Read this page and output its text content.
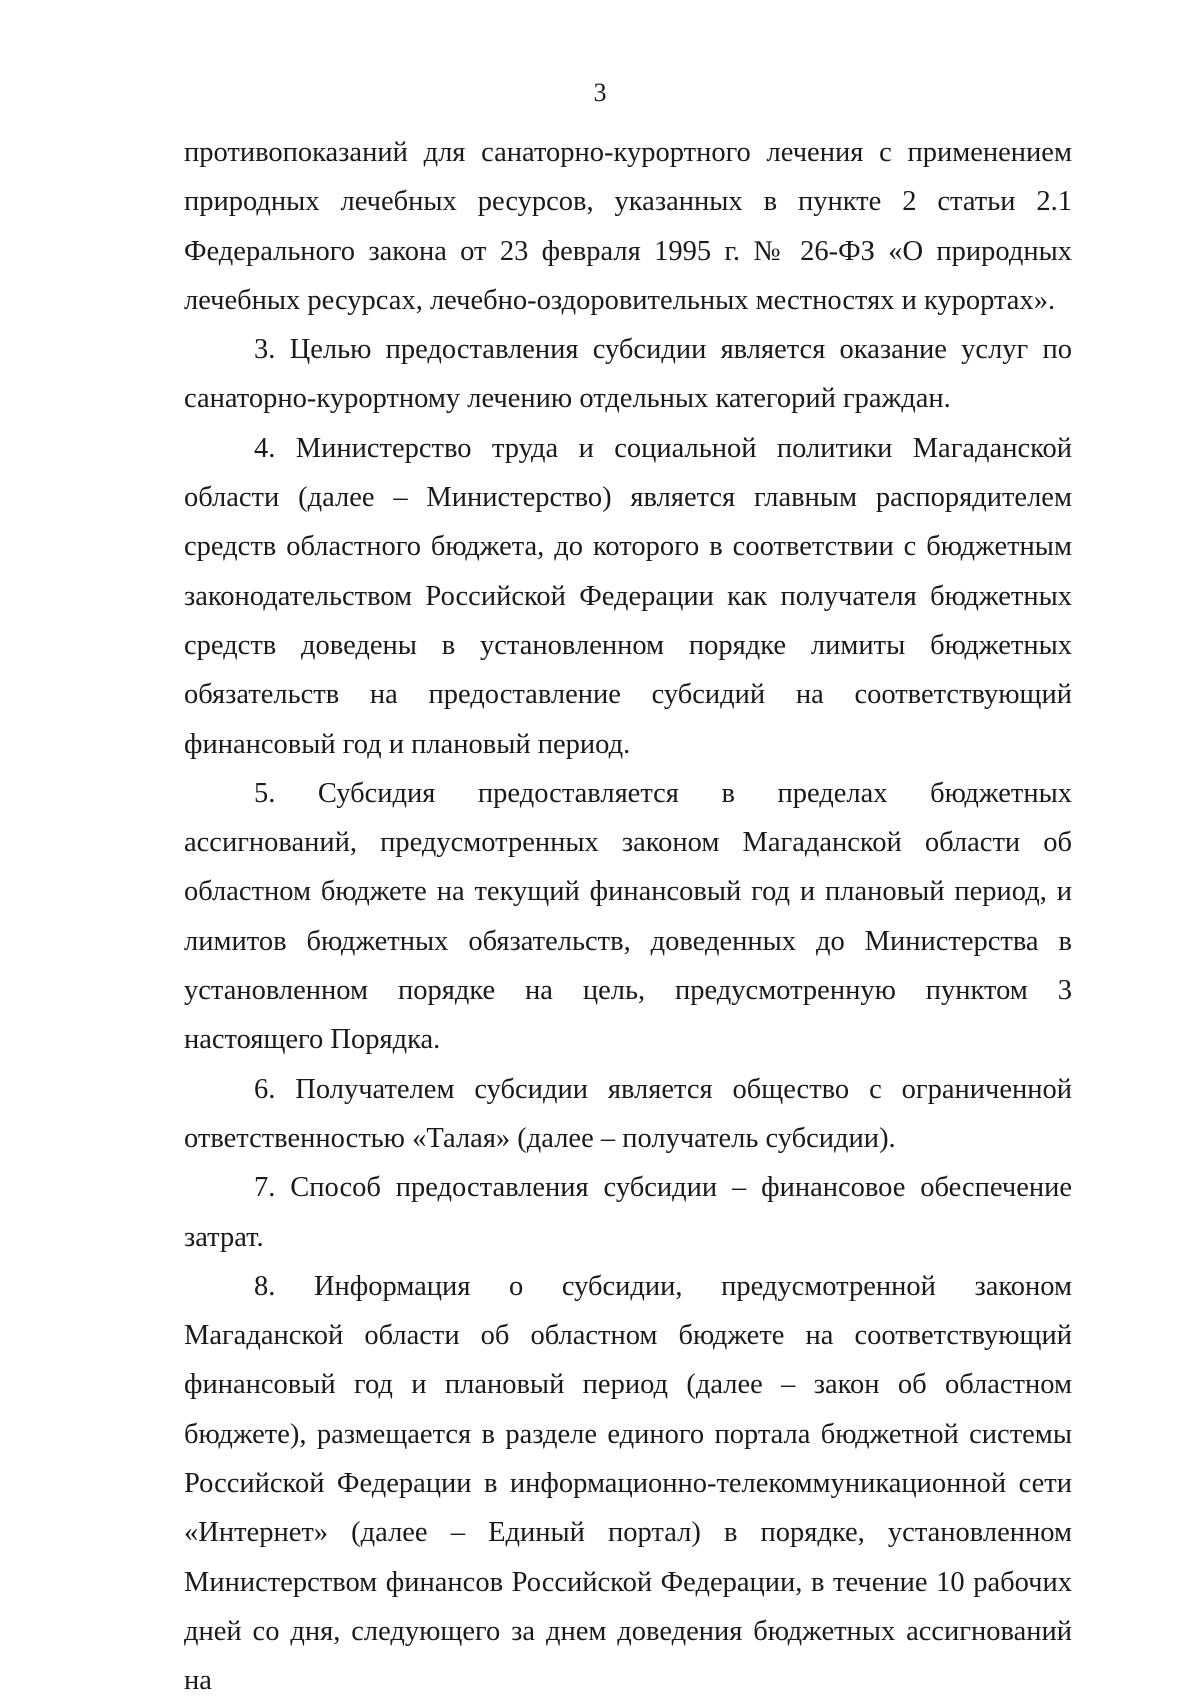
3

противопоказаний для санаторно-курортного лечения с применением природных лечебных ресурсов, указанных в пункте 2 статьи 2.1 Федерального закона от 23 февраля 1995 г. № 26-ФЗ «О природных лечебных ресурсах, лечебно-оздоровительных местностях и курортах».

3. Целью предоставления субсидии является оказание услуг по санаторно-курортному лечению отдельных категорий граждан.

4. Министерство труда и социальной политики Магаданской области (далее – Министерство) является главным распорядителем средств областного бюджета, до которого в соответствии с бюджетным законодательством Российской Федерации как получателя бюджетных средств доведены в установленном порядке лимиты бюджетных обязательств на предоставление субсидий на соответствующий финансовый год и плановый период.

5. Субсидия предоставляется в пределах бюджетных ассигнований, предусмотренных законом Магаданской области об областном бюджете на текущий финансовый год и плановый период, и лимитов бюджетных обязательств, доведенных до Министерства в установленном порядке на цель, предусмотренную пунктом 3 настоящего Порядка.

6. Получателем субсидии является общество с ограниченной ответственностью «Талая» (далее – получатель субсидии).

7. Способ предоставления субсидии – финансовое обеспечение затрат.

8. Информация о субсидии, предусмотренной законом Магаданской области об областном бюджете на соответствующий финансовый год и плановый период (далее – закон об областном бюджете), размещается в разделе единого портала бюджетной системы Российской Федерации в информационно-телекоммуникационной сети «Интернет» (далее – Единый портал) в порядке, установленном Министерством финансов Российской Федерации, в течение 10 рабочих дней со дня, следующего за днем доведения бюджетных ассигнований на
